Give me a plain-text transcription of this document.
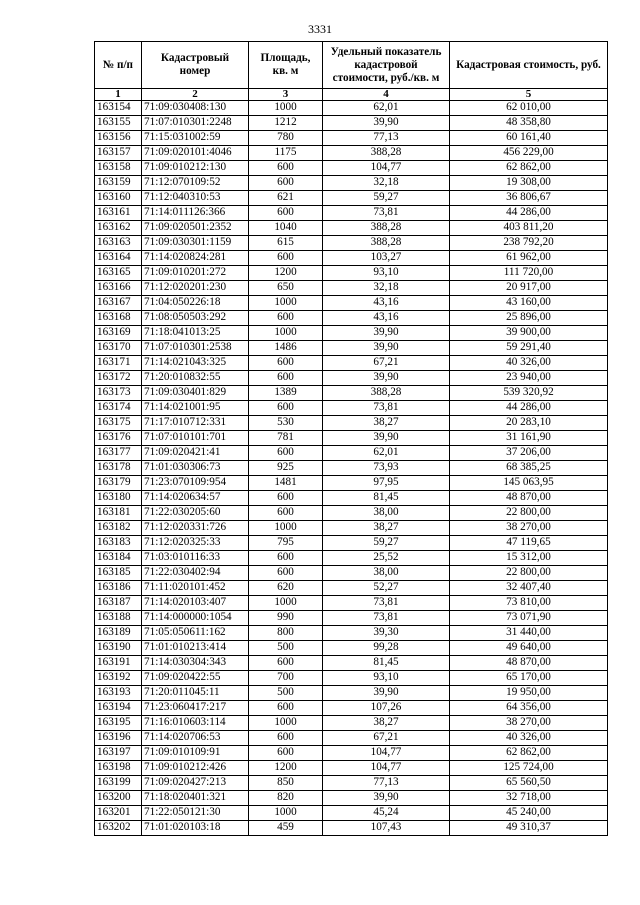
3331
№ п/п	Кадастровый номер	Площадь, кв. м	Удельный показатель кадастровой стоимости, руб./кв. м	Кадастровая стоимость, руб.
1	2	3	4	5
163154	71:09:030408:130	1000	62,01	62 010,00
163155	71:07:010301:2248	1212	39,90	48 358,80
163156	71:15:031002:59	780	77,13	60 161,40
163157	71:09:020101:4046	1175	388,28	456 229,00
163158	71:09:010212:130	600	104,77	62 862,00
163159	71:12:070109:52	600	32,18	19 308,00
163160	71:12:040310:53	621	59,27	36 806,67
163161	71:14:011126:366	600	73,81	44 286,00
163162	71:09:020501:2352	1040	388,28	403 811,20
163163	71:09:030301:1159	615	388,28	238 792,20
163164	71:14:020824:281	600	103,27	61 962,00
163165	71:09:010201:272	1200	93,10	111 720,00
163166	71:12:020201:230	650	32,18	20 917,00
163167	71:04:050226:18	1000	43,16	43 160,00
163168	71:08:050503:292	600	43,16	25 896,00
163169	71:18:041013:25	1000	39,90	39 900,00
163170	71:07:010301:2538	1486	39,90	59 291,40
163171	71:14:021043:325	600	67,21	40 326,00
163172	71:20:010832:55	600	39,90	23 940,00
163173	71:09:030401:829	1389	388,28	539 320,92
163174	71:14:021001:95	600	73,81	44 286,00
163175	71:17:010712:331	530	38,27	20 283,10
163176	71:07:010101:701	781	39,90	31 161,90
163177	71:09:020421:41	600	62,01	37 206,00
163178	71:01:030306:73	925	73,93	68 385,25
163179	71:23:070109:954	1481	97,95	145 063,95
163180	71:14:020634:57	600	81,45	48 870,00
163181	71:22:030205:60	600	38,00	22 800,00
163182	71:12:020331:726	1000	38,27	38 270,00
163183	71:12:020325:33	795	59,27	47 119,65
163184	71:03:010116:33	600	25,52	15 312,00
163185	71:22:030402:94	600	38,00	22 800,00
163186	71:11:020101:452	620	52,27	32 407,40
163187	71:14:020103:407	1000	73,81	73 810,00
163188	71:14:000000:1054	990	73,81	73 071,90
163189	71:05:050611:162	800	39,30	31 440,00
163190	71:01:010213:414	500	99,28	49 640,00
163191	71:14:030304:343	600	81,45	48 870,00
163192	71:09:020422:55	700	93,10	65 170,00
163193	71:20:011045:11	500	39,90	19 950,00
163194	71:23:060417:217	600	107,26	64 356,00
163195	71:16:010603:114	1000	38,27	38 270,00
163196	71:14:020706:53	600	67,21	40 326,00
163197	71:09:010109:91	600	104,77	62 862,00
163198	71:09:010212:426	1200	104,77	125 724,00
163199	71:09:020427:213	850	77,13	65 560,50
163200	71:18:020401:321	820	39,90	32 718,00
163201	71:22:050121:30	1000	45,24	45 240,00
163202	71:01:020103:18	459	107,43	49 310,37
